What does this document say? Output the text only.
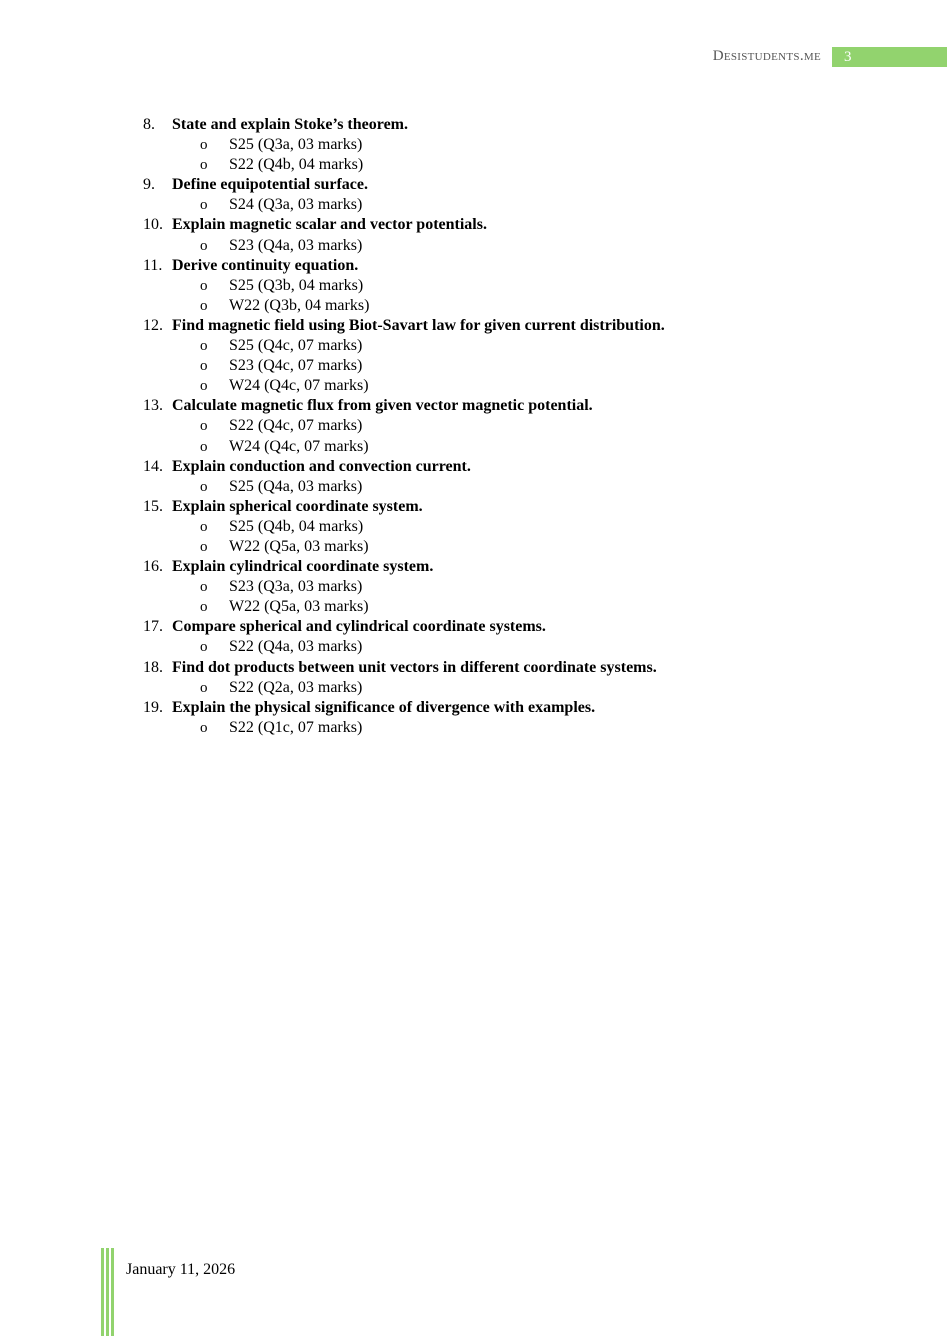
Desistudents.me	3
8.	State and explain Stoke’s theorem.
o	S25 (Q3a, 03 marks)
o	S22 (Q4b, 04 marks)
9.	Define equipotential surface.
o	S24 (Q3a, 03 marks)
10. Explain magnetic scalar and vector potentials.
o	S23 (Q4a, 03 marks)
11. Derive continuity equation.
o	S25 (Q3b, 04 marks)
o	W22 (Q3b, 04 marks)
12. Find magnetic field using Biot-Savart law for given current distribution.
o	S25 (Q4c, 07 marks)
o	S23 (Q4c, 07 marks)
o	W24 (Q4c, 07 marks)
13. Calculate magnetic flux from given vector magnetic potential.
o	S22 (Q4c, 07 marks)
o	W24 (Q4c, 07 marks)
14. Explain conduction and convection current.
o	S25 (Q4a, 03 marks)
15. Explain spherical coordinate system.
o	S25 (Q4b, 04 marks)
o	W22 (Q5a, 03 marks)
16. Explain cylindrical coordinate system.
o	S23 (Q3a, 03 marks)
o	W22 (Q5a, 03 marks)
17. Compare spherical and cylindrical coordinate systems.
o	S22 (Q4a, 03 marks)
18. Find dot products between unit vectors in different coordinate systems.
o	S22 (Q2a, 03 marks)
19. Explain the physical significance of divergence with examples.
o	S22 (Q1c, 07 marks)
January 11, 2026
